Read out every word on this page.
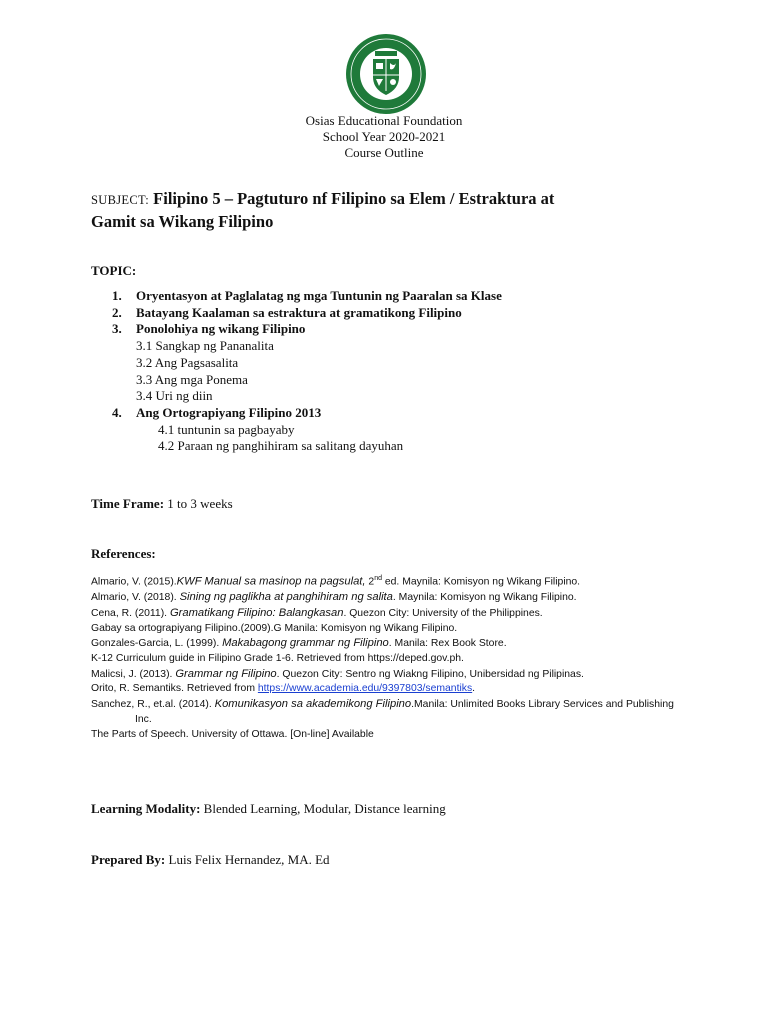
Osias Educational Foundation
School Year 2020-2021
Course Outline
SUBJECT: Filipino 5 – Pagtuturo nf Filipino sa Elem / Estraktura at
Gamit sa Wikang Filipino
TOPIC:
1. Oryentasyon at Paglalatag ng mga Tuntunin ng Paaralan sa Klase
2. Batayang Kaalaman sa estraktura at gramatikong Filipino
3. Ponolohiya ng wikang Filipino
3.1 Sangkap ng Pananalita
3.2 Ang Pagsasalita
3.3 Ang mga Ponema
3.4 Uri ng diin
4. Ang Ortograpiyang Filipino 2013
4.1 tuntunin sa pagbayaby
4.2 Paraan ng panghihiram sa salitang dayuhan
Time Frame: 1 to 3 weeks
References:
Almario, V. (2015).KWF Manual sa masinop na pagsulat, 2nd ed. Maynila: Komisyon ng Wikang Filipino.
Almario, V. (2018). Sining ng paglikha at panghihiram ng salita. Maynila: Komisyon ng Wikang Filipino.
Cena, R. (2011). Gramatikang Filipino: Balangkasan. Quezon City: University of the Philippines.
Gabay sa ortograpiyang Filipino.(2009).G Manila: Komisyon ng Wikang Filipino.
Gonzales-Garcia, L. (1999). Makabagong grammar ng Filipino. Manila: Rex Book Store.
K-12 Curriculum guide in Filipino Grade 1-6. Retrieved from https://deped.gov.ph.
Malicsi, J. (2013). Grammar ng Filipino. Quezon City: Sentro ng Wiakng Filipino, Unibersidad ng Pilipinas.
Orito, R. Semantiks. Retrieved from https://www.academia.edu/9397803/semantiks.
Sanchez, R., et.al. (2014). Komunikasyon sa akademikong Filipino.Manila: Unlimited Books Library Services and Publishing Inc.
The Parts of Speech. University of Ottawa. [On-line] Available
Learning Modality: Blended Learning, Modular, Distance learning
Prepared By: Luis Felix Hernandez, MA. Ed
